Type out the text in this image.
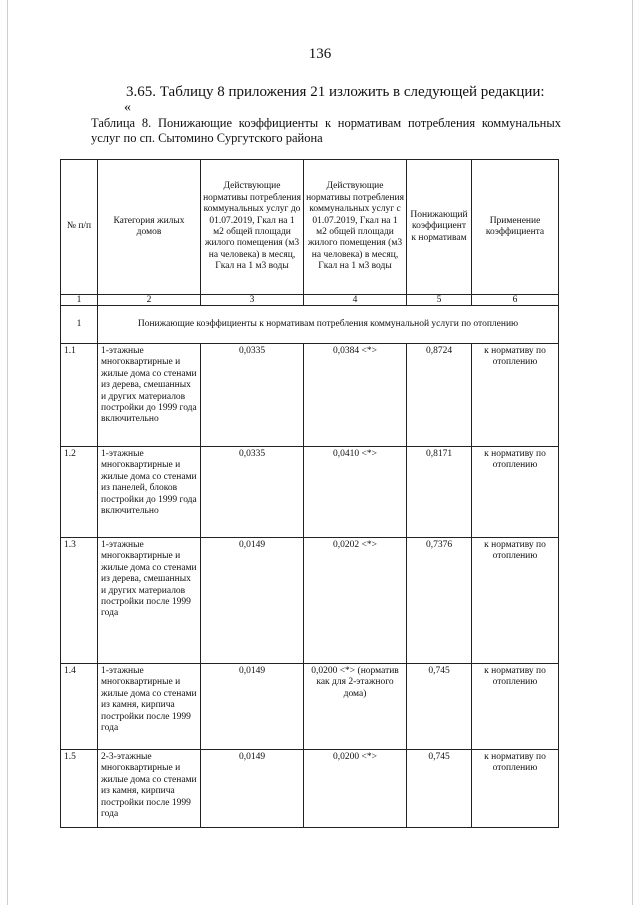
136
3.65. Таблицу 8 приложения 21 изложить в следующей редакции:
«
Таблица 8. Понижающие коэффициенты к нормативам потребления коммунальных услуг по сп. Сытомино Сургутского района
№ п/п	Категория жилых домов	Действующие нормативы потребления коммунальных услуг до 01.07.2019, Гкал на 1 м2 общей площади жилого помещения (м3 на человека) в месяц, Гкал на 1 м3 воды	Действующие нормативы потребления коммунальных услуг с 01.07.2019, Гкал на 1 м2 общей площади жилого помещения (м3 на человека) в месяц, Гкал на 1 м3 воды	Понижающий коэффициент к нормативам	Применение коэффициента
1	2	3	4	5	6
1	Понижающие коэффициенты к нормативам потребления коммунальной услуги по отоплению				
1.1	1-этажные многоквартирные и жилые дома со стенами из дерева, смешанных и других материалов постройки до 1999 года включительно	0,0335	0,0384 <*>	0,8724	к нормативу по отоплению
1.2	1-этажные многоквартирные и жилые дома со стенами из панелей, блоков постройки до 1999 года включительно	0,0335	0,0410 <*>	0,8171	к нормативу по отоплению
1.3	1-этажные многоквартирные и жилые дома со стенами из дерева, смешанных и других материалов постройки после 1999 года	0,0149	0,0202 <*>	0,7376	к нормативу по отоплению
1.4	1-этажные многоквартирные и жилые дома со стенами из камня, кирпича постройки после 1999 года	0,0149	0,0200 <*> (норматив как для 2-этажного дома)	0,745	к нормативу по отоплению
1.5	2-3-этажные многоквартирные и жилые дома со стенами из камня, кирпича постройки после 1999 года	0,0149	0,0200 <*>	0,745	к нормативу по отоплению
